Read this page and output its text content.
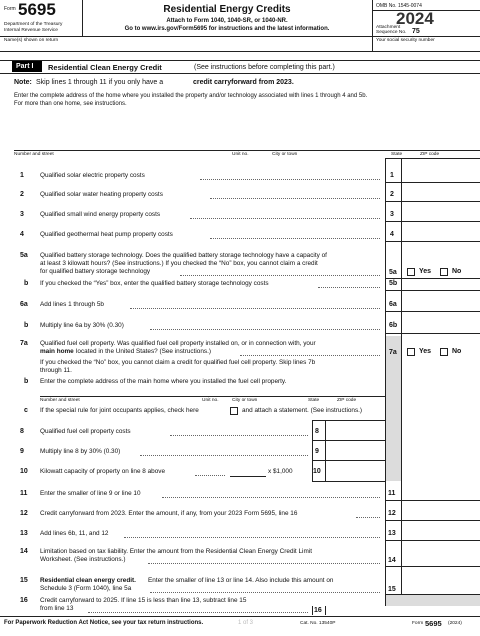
Form 5695
Department of the Treasury
Internal Revenue Service
Residential Energy Credits
Attach to Form 1040, 1040-SR, or 1040-NR.
Go to www.irs.gov/Form5695 for instructions and the latest information.
OMB No. 1545-0074
2024
Attachment
Sequence No. 75
Name(s) shown on return	Your social security number
Part I Residential Clean Energy Credit	(See instructions before completing this part.)
Note: Skip lines 1 through 11 if you only have a	credit carryforward from 2023.
Enter the complete address of the home where you installed the property and/or technology associated with lines 1 through 4 and 5b.
For more than one home, see instructions.
Number and street	Unit no.	City or town	State	ZIP code
1	Qualified solar electric property costs	1
2	Qualified solar water heating property costs	2
3	Qualified small wind energy property costs	3
4	Qualified geothermal heat pump property costs	4
5a Qualified battery storage technology. Does the qualified battery storage technology have a capacity of
at least 3 kilowatt hours? (See instructions.) If you checked the “No” box, you cannot claim a credit
for qualified battery storage technology	5a	Yes	No
b If you checked the “Yes” box, enter the qualified battery storage technology costs	5b
6a Add lines 1 through 5b	6a
b Multiply line 6a by 30% (0.30)	6b
7a Qualified fuel cell property. Was qualified fuel cell property installed on, or in connection with, your
main home located in the United States? (See instructions.)	7a	Yes	No
If you checked the “No” box, you cannot claim a credit for qualified fuel cell property. Skip lines 7b
through 11.
b Enter the complete address of the main home where you installed the fuel cell property.
Number and street	Unit no.	City or town	State	ZIP code
c If the special rule for joint occupants applies, check here	and attach a statement. (See instructions.)
8	Qualified fuel cell property costs	8
9	Multiply line 8 by 30% (0.30)	9
10 Kilowatt capacity of property on line 8 above	x $1,000	10
11 Enter the smaller of line 9 or line 10	11
12 Credit carryforward from 2023. Enter the amount, if any, from your 2023 Form 5695, line 16	12
13 Add lines 6b, 11, and 12	13
14 Limitation based on tax liability. Enter the amount from the Residential Clean Energy Credit Limit
Worksheet. (See instructions.)	14
15 Residential clean energy credit. Enter the smaller of line 13 or line 14. Also include this amount on
Schedule 3 (Form 1040), line 5a	15
16 Credit carryforward to 2025. If line 15 is less than line 13, subtract line 15
from line 13	16
For Paperwork Reduction Act Notice, see your tax return instructions.	1 of 3	Cat. No. 13540P	Form 5695 (2024)
